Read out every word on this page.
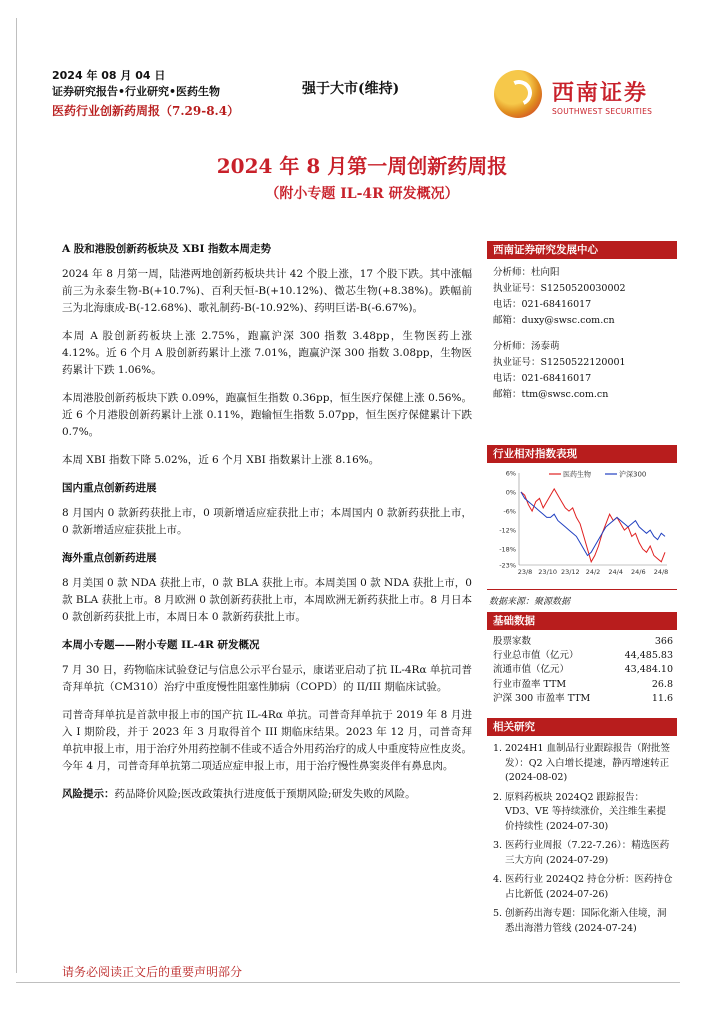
2024 年 08 月 04 日
证券研究报告•行业研究•医药生物
医药行业创新药周报（7.29-8.4）
强于大市(维持)	西南证券
SOUTHWEST SECURITIES
2024 年 8 月第一周创新药周报
（附小专题 IL-4R 研发概况）
A 股和港股创新药板块及 XBI 指数本周走势
2024 年 8 月第一周，陆港两地创新药板块共计 42 个股上涨，17 个股下跌。其中涨幅前三为永泰生物-B(+10.7%)、百利天恒-B(+10.12%)、微芯生物(+8.38%)。跌幅前三为北海康成-B(-12.68%)、歌礼制药-B(-10.92%)、药明巨诺-B(-6.67%)。
本周 A 股创新药板块上涨 2.75%，跑赢沪深 300 指数 3.48pp，生物医药上涨 4.12%。近 6 个月 A 股创新药累计上涨 7.01%，跑赢沪深 300 指数 3.08pp，生物医药累计下跌 1.06%。
本周港股创新药板块下跌 0.09%，跑赢恒生指数 0.36pp，恒生医疗保健上涨 0.56%。近 6 个月港股创新药累计上涨 0.11%，跑输恒生指数 5.07pp，恒生医疗保健累计下跌 0.7%。
本周 XBI 指数下降 5.02%，近 6 个月 XBI 指数累计上涨 8.16%。
国内重点创新药进展
8 月国内 0 款新药获批上市，0 项新增适应症获批上市；本周国内 0 款新药获批上市，0 款新增适应症获批上市。
海外重点创新药进展
8 月美国 0 款 NDA 获批上市，0 款 BLA 获批上市。本周美国 0 款 NDA 获批上市，0 款 BLA 获批上市。8 月欧洲 0 款创新药获批上市，本周欧洲无新药获批上市。8 月日本 0 款创新药获批上市，本周日本 0 款新药获批上市。
本周小专题——附小专题 IL-4R 研发概况
7 月 30 日，药物临床试验登记与信息公示平台显示，康诺亚启动了抗 IL-4Rα 单抗司普奇拜单抗（CM310）治疗中重度慢性阻塞性肺病（COPD）的 II/III 期临床试验。
司普奇拜单抗是首款申报上市的国产抗 IL-4Rα 单抗。司普奇拜单抗于 2019 年 8 月进入 I 期阶段，并于 2023 年 3 月取得首个 III 期临床结果。2023 年 12 月，司普奇拜单抗申报上市，用于治疗外用药控制不佳或不适合外用药治疗的成人中重度特应性皮炎。今年 4 月，司普奇拜单抗第二项适应症申报上市，用于治疗慢性鼻窦炎伴有鼻息肉。
风险提示：药品降价风险;医改政策执行进度低于预期风险;研发失败的风险。
西南证券研究发展中心
分析师：杜向阳
执业证号：S1250520030002
电话：021-68416017
邮箱：duxy@swsc.com.cn
分析师：汤泰萌
执业证号：S1250522120001
电话：021-68416017
邮箱：ttm@swsc.com.cn
行业相对指数表现
6%
0%
-6%
-12%
-18%
-23%
23/8 23/10 23/12 24/2 24/4 24/6 24/8
医药生物	沪深300
数据来源：聚源数据
基础数据
股票家数	366
行业总市值（亿元）	44,485.83
流通市值（亿元）	43,484.10
行业市盈率 TTM	26.8
沪深 300 市盈率 TTM	11.6
相关研究
1. 2024H1 血制品行业跟踪报告（附批签发）：Q2 入白增长提速，静丙增速转正 (2024-08-02)
2. 原料药板块 2024Q2 跟踪报告：VD3、VE 等持续涨价，关注维生素提价持续性 (2024-07-30)
3. 医药行业周报（7.22-7.26）：精选医药三大方向 (2024-07-29)
4. 医药行业 2024Q2 持仓分析：医药持仓占比新低 (2024-07-26)
5. 创新药出海专题：国际化渐入佳境，洞悉出海潜力管线 (2024-07-24)
请务必阅读正文后的重要声明部分
